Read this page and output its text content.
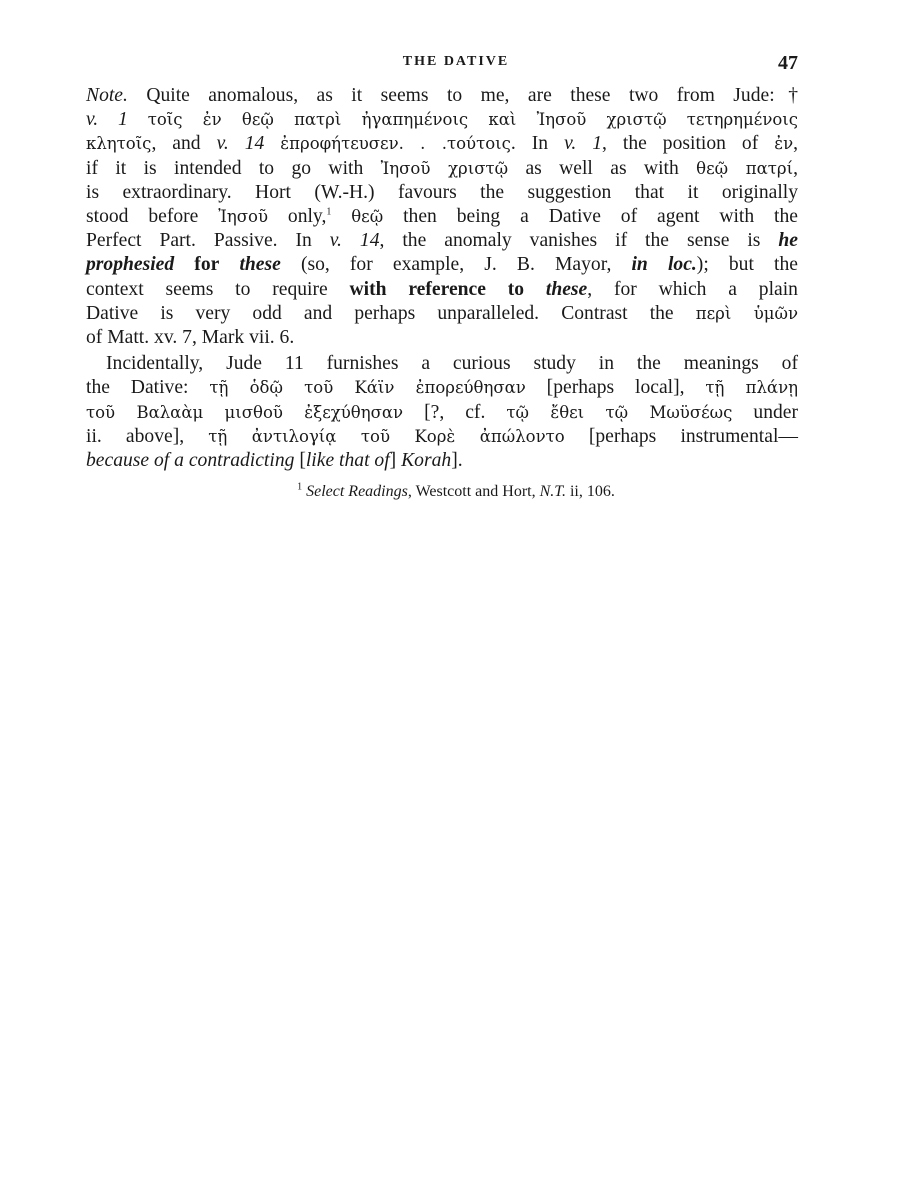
THE DATIVE	47
Note. Quite anomalous, as it seems to me, are these two from Jude:†
v. 1 τοῖς ἐν θεῷ πατρὶ ἠγαπημένοις καὶ Ἰησοῦ χριστῷ τετηρημένοις
κλητοῖς, and v. 14 ἐπροφήτευσεν. . .τούτοις. In v. 1, the position of ἐν,
if it is intended to go with Ἰησοῦ χριστῷ as well as with θεῷ πατρί,
is extraordinary. Hort (W.-H.) favours the suggestion that it originally
stood before Ἰησοῦ only,$^1$ θεῷ then being a Dative of agent with the
Perfect Part. Passive. In v. 14, the anomaly vanishes if the sense is he
prophesied for these (so, for example, J. B. Mayor, in loc.); but the
context seems to require with reference to these, for which a plain
Dative is very odd and perhaps unparalleled. Contrast the περὶ ὑμῶν
of Matt. xv. 7, Mark vii. 6.
Incidentally, Jude 11 furnishes a curious study in the meanings of
the Dative: τῇ ὁδῷ τοῦ Κάϊν ἐπορεύθησαν [perhaps local], τῇ πλάνῃ
τοῦ Βαλαὰμ μισθοῦ ἐξεχύθησαν [?, cf. τῷ ἔθει τῷ Μωϋσέως under
ii. above], τῇ ἀντιλογίᾳ τοῦ Κορὲ ἀπώλοντο [perhaps instrumental—
because of a contradicting [like that of] Korah].
$^1$ Select Readings, Westcott and Hort, N.T. ii, 106.
